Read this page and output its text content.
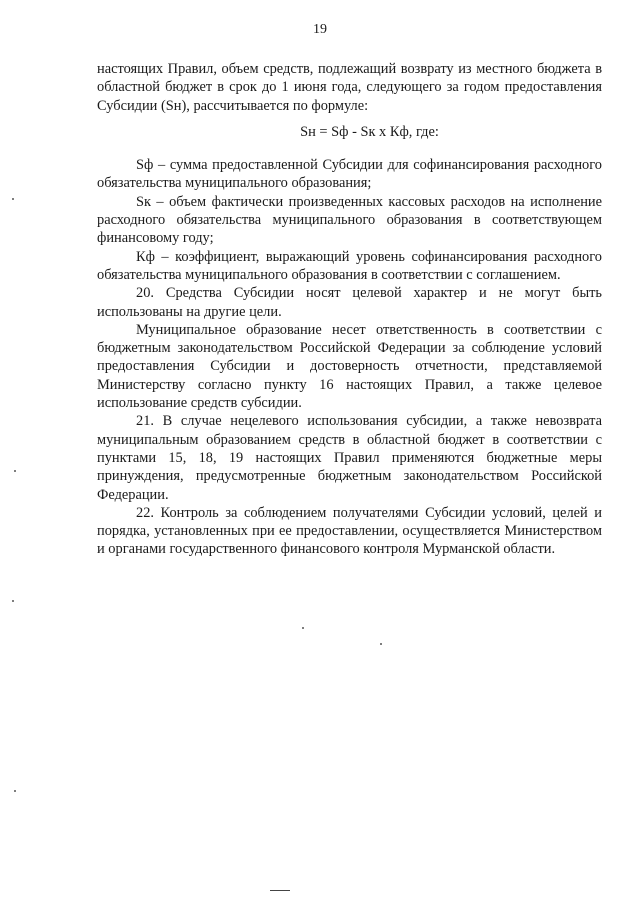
19

настоящих Правил, объем средств, подлежащий возврату из местного бюджета в областной бюджет в срок до 1 июня года, следующего за годом предоставления Субсидии (Sн), рассчитывается по формуле:

Sн = Sф - Sк x Кф, где:

Sф – сумма предоставленной Субсидии для софинансирования расходного обязательства муниципального образования;

Sк – объем фактически произведенных кассовых расходов на исполнение расходного обязательства муниципального образования в соответствующем финансовому году;

Кф – коэффициент, выражающий уровень софинансирования расходного обязательства муниципального образования в соответствии с соглашением.

20. Средства Субсидии носят целевой характер и не могут быть использованы на другие цели.

Муниципальное образование несет ответственность в соответствии с бюджетным законодательством Российской Федерации за соблюдение условий предоставления Субсидии и достоверность отчетности, представляемой Министерству согласно пункту 16 настоящих Правил, а также целевое использование средств субсидии.

21. В случае нецелевого использования субсидии, а также невозврата муниципальным образованием средств в областной бюджет в соответствии с пунктами 15, 18, 19 настоящих Правил применяются бюджетные меры принуждения, предусмотренные бюджетным законодательством Российской Федерации.

22. Контроль за соблюдением получателями Субсидии условий, целей и порядка, установленных при ее предоставлении, осуществляется Министерством и органами государственного финансового контроля Мурманской области.
